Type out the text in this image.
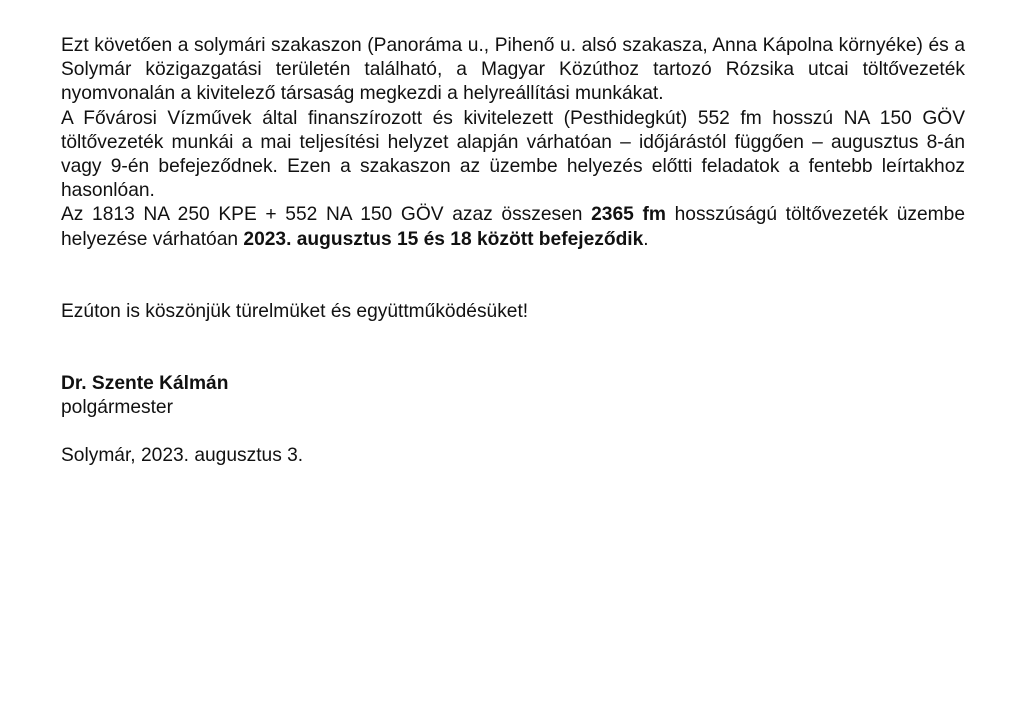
Ezt követően a solymári szakaszon (Panoráma u., Pihenő u. alsó szakasza, Anna Kápolna környéke) és a Solymár közigazgatási területén található, a Magyar Közúthoz tartozó Rózsika utcai töltővezeték nyomvonalán a kivitelező társaság megkezdi a helyreállítási munkákat.

A Fővárosi Vízművek által finanszírozott és kivitelezett (Pesthidegkút) 552 fm hosszú NA 150 GÖV töltővezeték munkái a mai teljesítési helyzet alapján várhatóan – időjárástól függően – augusztus 8-án vagy 9-én befejeződnek. Ezen a szakaszon az üzembe helyezés előtti feladatok a fentebb leírtakhoz hasonlóan.

Az 1813 NA 250 KPE + 552 NA 150 GÖV azaz összesen 2365 fm hosszúságú töltővezeték üzembe helyezése várhatóan 2023. augusztus 15 és 18 között befejeződik.

Ezúton is köszönjük türelmüket és együttműködésüket!

Dr. Szente Kálmán

polgármester

Solymár, 2023. augusztus 3.
